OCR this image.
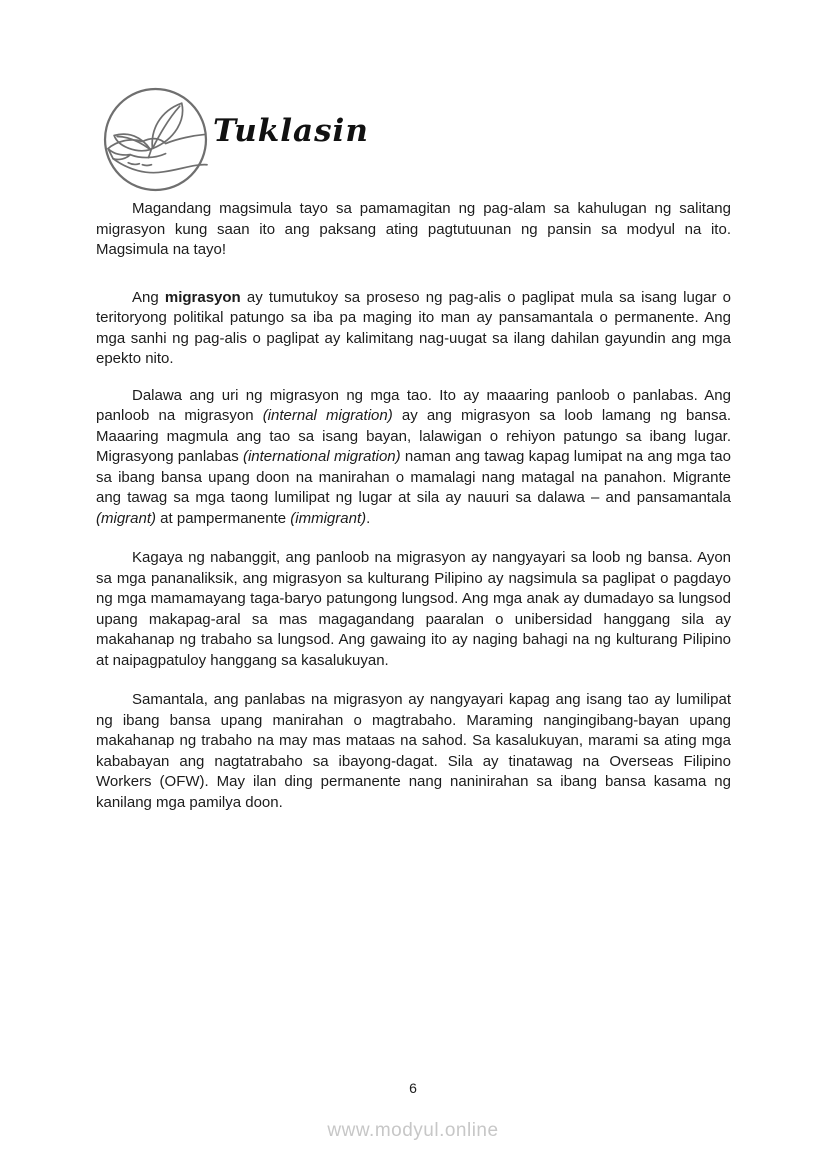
Tuklasin

Magandang magsimula tayo sa pamamagitan ng pag-alam sa kahulugan ng salitang migrasyon kung saan ito ang paksang ating pagtutuunan ng pansin sa modyul na ito. Magsimula na tayo!

Ang migrasyon ay tumutukoy sa proseso ng pag-alis o paglipat mula sa isang lugar o teritoryong politikal patungo sa iba pa maging ito man ay pansamantala o permanente. Ang mga sanhi ng pag-alis o paglipat ay kalimitang nag-uugat sa ilang dahilan gayundin ang mga epekto nito.

Dalawa ang uri ng migrasyon ng mga tao. Ito ay maaaring panloob o panlabas. Ang panloob na migrasyon (internal migration) ay ang migrasyon sa loob lamang ng bansa. Maaaring magmula ang tao sa isang bayan, lalawigan o rehiyon patungo sa ibang lugar. Migrasyong panlabas (international migration) naman ang tawag kapag lumipat na ang mga tao sa ibang bansa upang doon na manirahan o mamalagi nang matagal na panahon. Migrante ang tawag sa mga taong lumilipat ng lugar at sila ay nauuri sa dalawa – and pansamantala (migrant) at pampermanente (immigrant).

Kagaya ng nabanggit, ang panloob na migrasyon ay nangyayari sa loob ng bansa. Ayon sa mga pananaliksik, ang migrasyon sa kulturang Pilipino ay nagsimula sa paglipat o pagdayo ng mga mamamayang taga-baryo patungong lungsod. Ang mga anak ay dumadayo sa lungsod upang makapag-aral sa mas magagandang paaralan o unibersidad hanggang sila ay makahanap ng trabaho sa lungsod. Ang gawaing ito ay naging bahagi na ng kulturang Pilipino at naipagpatuloy hanggang sa kasalukuyan.

Samantala, ang panlabas na migrasyon ay nangyayari kapag ang isang tao ay lumilipat ng ibang bansa upang manirahan o magtrabaho. Maraming nangingibang-bayan upang makahanap ng trabaho na may mas mataas na sahod. Sa kasalukuyan, marami sa ating mga kababayan ang nagtatrabaho sa ibayong-dagat. Sila ay tinatawag na Overseas Filipino Workers (OFW). May ilan ding permanente nang naninirahan sa ibang bansa kasama ng kanilang mga pamilya doon.

6
www.modyul.online
